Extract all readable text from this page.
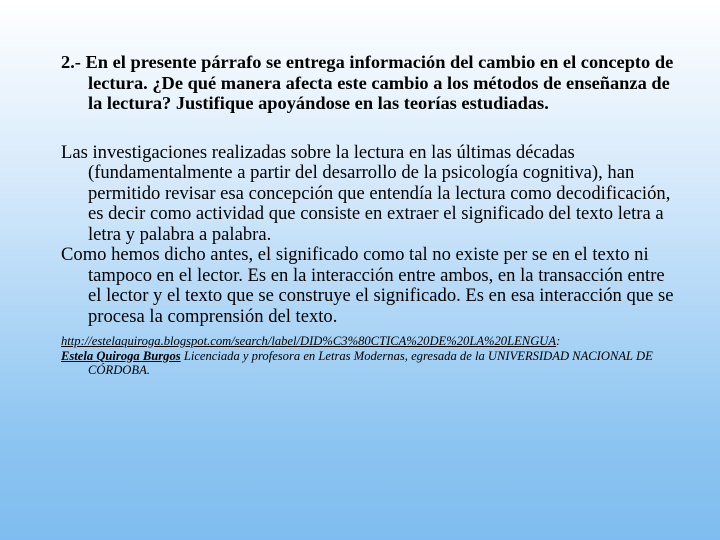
2.- En el presente párrafo se entrega información del cambio en el concepto de lectura. ¿De qué manera afecta este cambio a los métodos de enseñanza de la lectura? Justifique apoyándose en las teorías estudiadas.

Las investigaciones realizadas sobre la lectura en las últimas décadas (fundamentalmente a partir del desarrollo de la psicología cognitiva), han permitido revisar esa concepción que entendía la lectura como decodificación, es decir como actividad que consiste en extraer el significado del texto letra a letra y palabra a palabra.

Como hemos dicho antes, el significado como tal no existe per se en el texto ni tampoco en el lector. Es en la interacción entre ambos, en la transacción entre el lector y el texto que se construye el significado. Es en esa interacción que se procesa la comprensión del texto.

http://estelaquiroga.blogspot.com/search/label/DID%C3%80CTICA%20DE%20LA%20LENGUA:

Estela Quiroga Burgos Licenciada y profesora en Letras Modernas, egresada de la UNIVERSIDAD NACIONAL DE CÓRDOBA.
